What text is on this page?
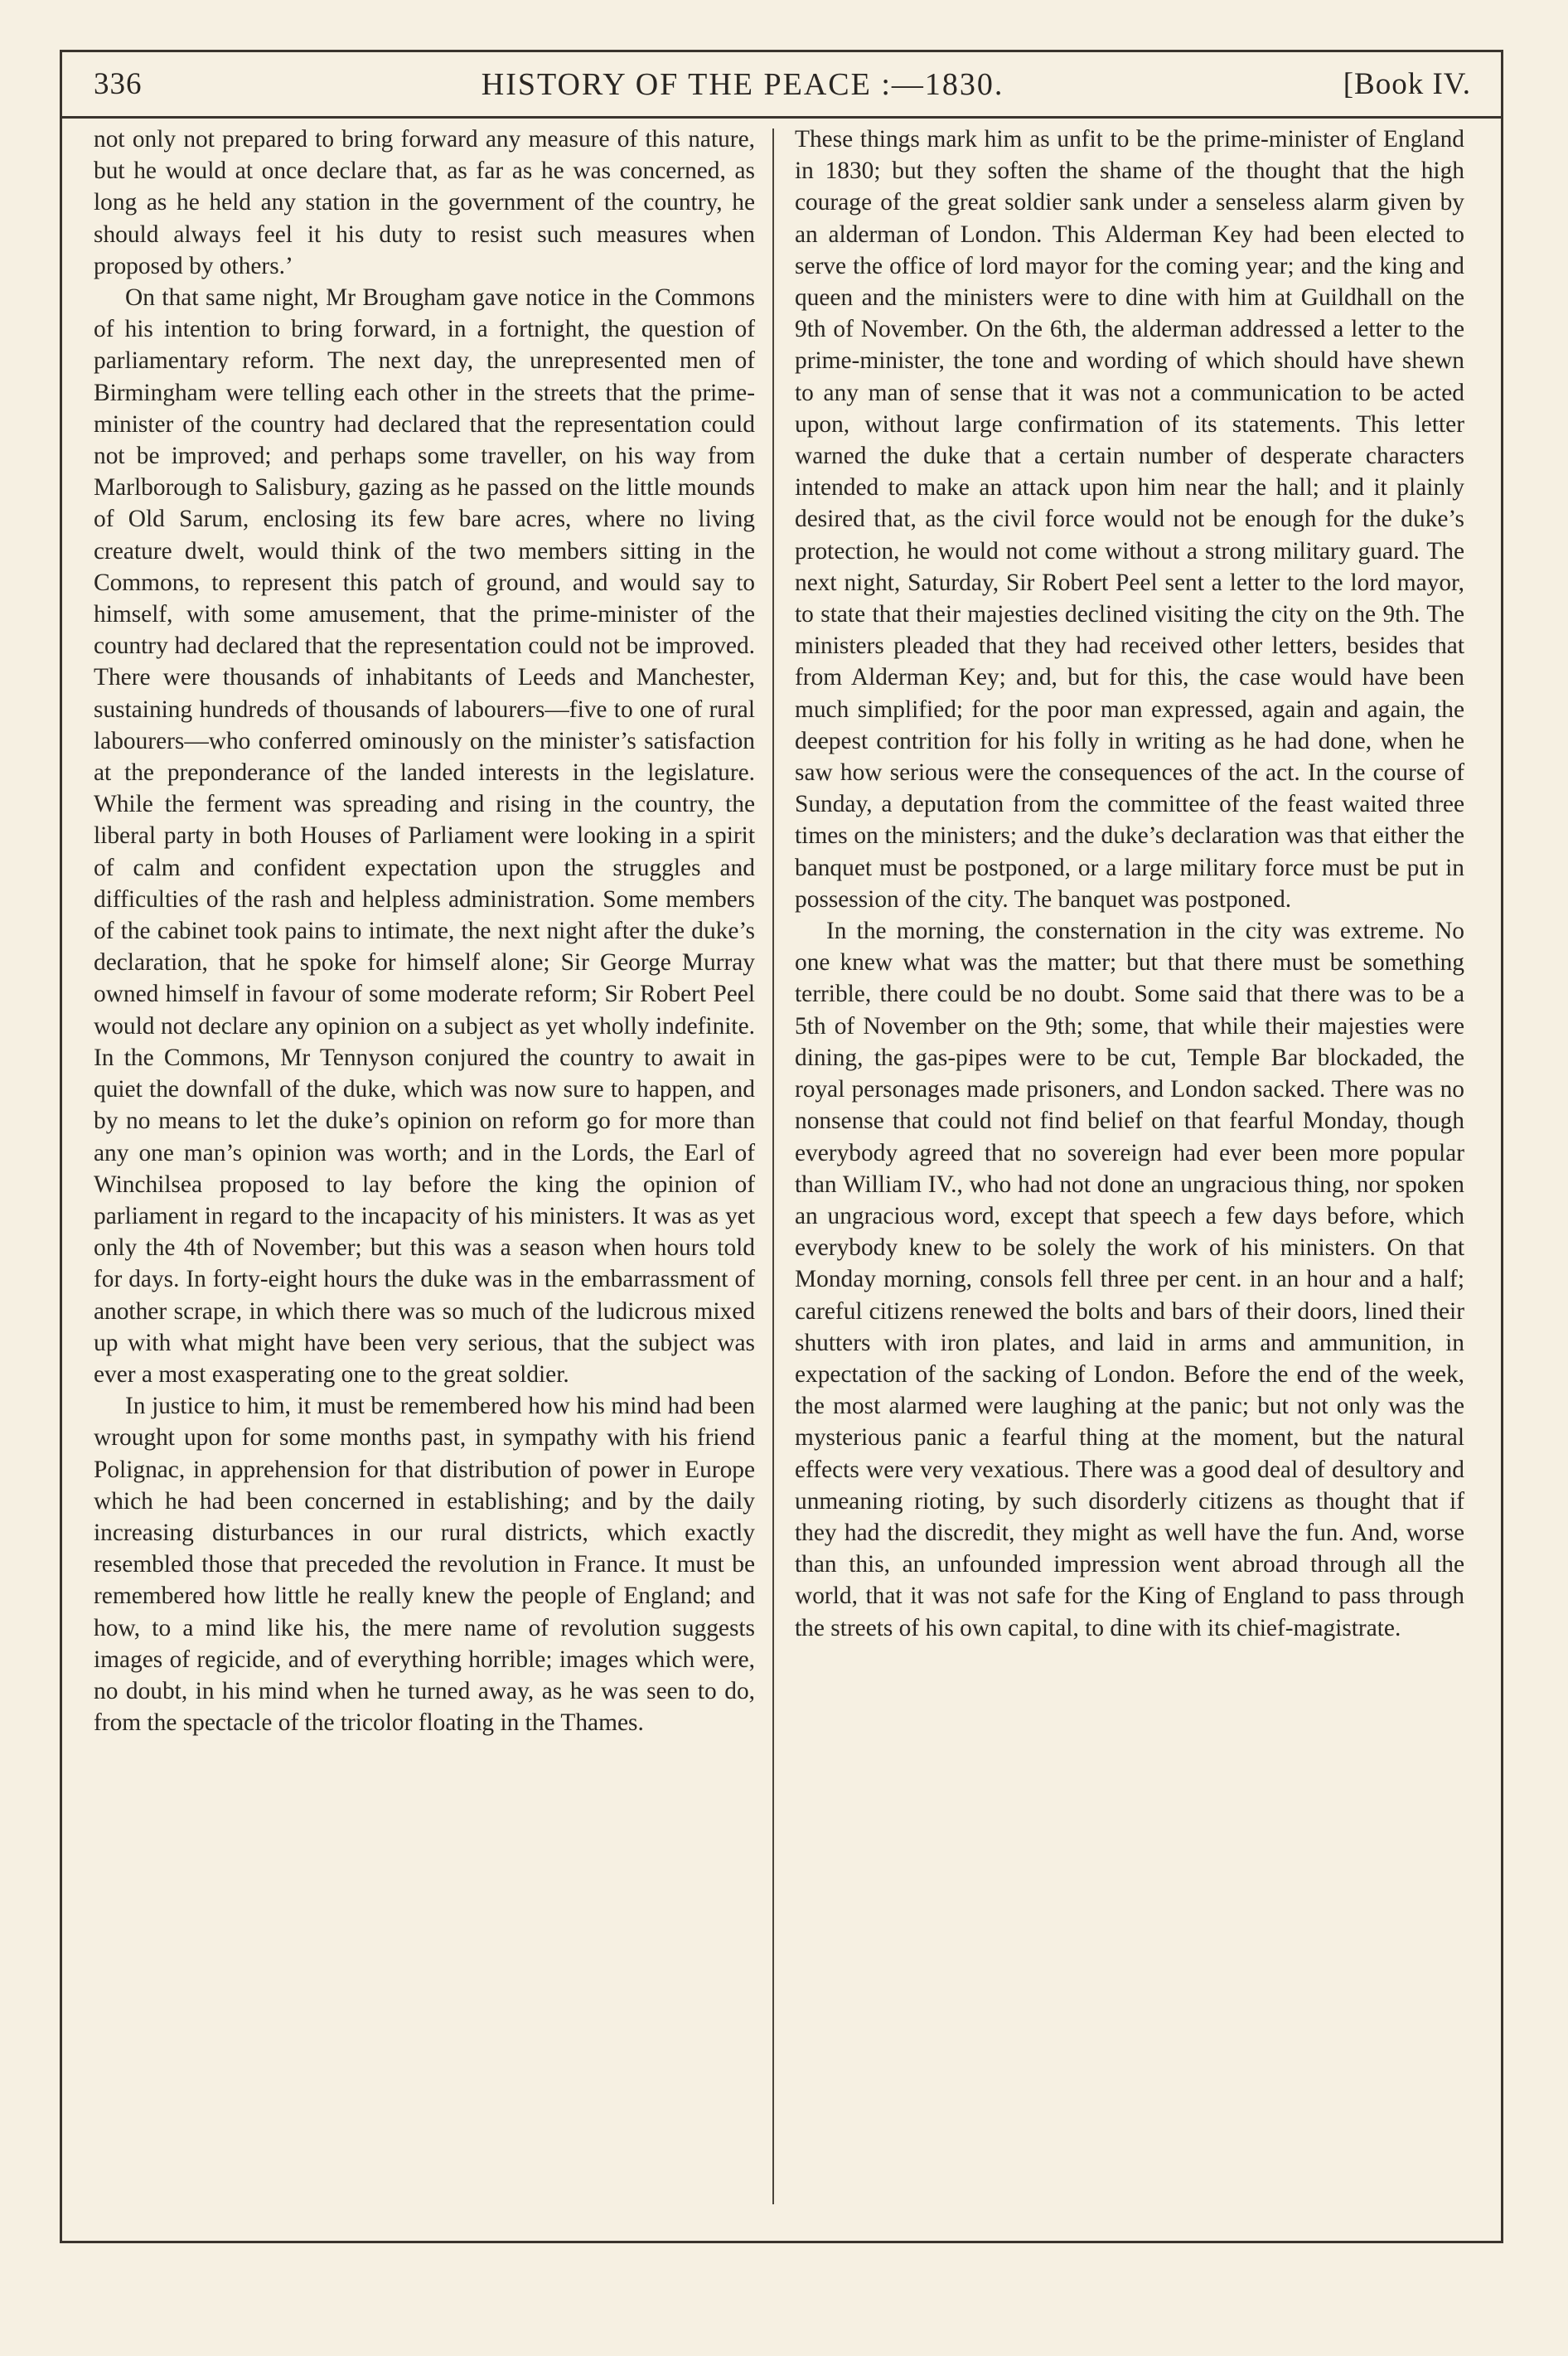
336	HISTORY OF THE PEACE :—1830.	[Book IV.

not only not prepared to bring forward any measure of this nature, but he would at once declare that, as far as he was concerned, as long as he held any station in the government of the country, he should always feel it his duty to resist such measures when proposed by others.’

On that same night, Mr Brougham gave notice in the Commons of his intention to bring forward, in a fortnight, the question of parliamentary reform. The next day, the unrepresented men of Birmingham were telling each other in the streets that the prime-minister of the country had declared that the representation could not be improved; and perhaps some traveller, on his way from Marlborough to Salisbury, gazing as he passed on the little mounds of Old Sarum, enclosing its few bare acres, where no living creature dwelt, would think of the two members sitting in the Commons, to represent this patch of ground, and would say to himself, with some amusement, that the prime-minister of the country had declared that the representation could not be improved. There were thousands of inhabitants of Leeds and Manchester, sustaining hundreds of thousands of labourers—five to one of rural labourers—who conferred ominously on the minister’s satisfaction at the preponderance of the landed interests in the legislature. While the ferment was spreading and rising in the country, the liberal party in both Houses of Parliament were looking in a spirit of calm and confident expectation upon the struggles and difficulties of the rash and helpless administration. Some members of the cabinet took pains to intimate, the next night after the duke’s declaration, that he spoke for himself alone; Sir George Murray owned himself in favour of some moderate reform; Sir Robert Peel would not declare any opinion on a subject as yet wholly indefinite. In the Commons, Mr Tennyson conjured the country to await in quiet the downfall of the duke, which was now sure to happen, and by no means to let the duke’s opinion on reform go for more than any one man’s opinion was worth; and in the Lords, the Earl of Winchilsea proposed to lay before the king the opinion of parliament in regard to the incapacity of his ministers. It was as yet only the 4th of November; but this was a season when hours told for days. In forty-eight hours the duke was in the embarrassment of another scrape, in which there was so much of the ludicrous mixed up with what might have been very serious, that the subject was ever a most exasperating one to the great soldier.

In justice to him, it must be remembered how his mind had been wrought upon for some months past, in sympathy with his friend Polignac, in apprehension for that distribution of power in Europe which he had been concerned in establishing; and by the daily increasing disturbances in our rural districts, which exactly resembled those that preceded the revolution in France. It must be remembered how little he really knew the people of England; and how, to a mind like his, the mere name of revolution suggests images of regicide, and of everything horrible; images which were, no doubt, in his mind when he turned away, as he was seen to do, from the spectacle of the tricolor floating in the Thames.

These things mark him as unfit to be the prime-minister of England in 1830; but they soften the shame of the thought that the high courage of the great soldier sank under a senseless alarm given by an alderman of London. This Alderman Key had been elected to serve the office of lord mayor for the coming year; and the king and queen and the ministers were to dine with him at Guildhall on the 9th of November. On the 6th, the alderman addressed a letter to the prime-minister, the tone and wording of which should have shewn to any man of sense that it was not a communication to be acted upon, without large confirmation of its statements. This letter warned the duke that a certain number of desperate characters intended to make an attack upon him near the hall; and it plainly desired that, as the civil force would not be enough for the duke’s protection, he would not come without a strong military guard. The next night, Saturday, Sir Robert Peel sent a letter to the lord mayor, to state that their majesties declined visiting the city on the 9th. The ministers pleaded that they had received other letters, besides that from Alderman Key; and, but for this, the case would have been much simplified; for the poor man expressed, again and again, the deepest contrition for his folly in writing as he had done, when he saw how serious were the consequences of the act. In the course of Sunday, a deputation from the committee of the feast waited three times on the ministers; and the duke’s declaration was that either the banquet must be postponed, or a large military force must be put in possession of the city. The banquet was postponed.

In the morning, the consternation in the city was extreme. No one knew what was the matter; but that there must be something terrible, there could be no doubt. Some said that there was to be a 5th of November on the 9th; some, that while their majesties were dining, the gas-pipes were to be cut, Temple Bar blockaded, the royal personages made prisoners, and London sacked. There was no nonsense that could not find belief on that fearful Monday, though everybody agreed that no sovereign had ever been more popular than William IV., who had not done an ungracious thing, nor spoken an ungracious word, except that speech a few days before, which everybody knew to be solely the work of his ministers. On that Monday morning, consols fell three per cent. in an hour and a half; careful citizens renewed the bolts and bars of their doors, lined their shutters with iron plates, and laid in arms and ammunition, in expectation of the sacking of London. Before the end of the week, the most alarmed were laughing at the panic; but not only was the mysterious panic a fearful thing at the moment, but the natural effects were very vexatious. There was a good deal of desultory and unmeaning rioting, by such disorderly citizens as thought that if they had the discredit, they might as well have the fun. And, worse than this, an unfounded impression went abroad through all the world, that it was not safe for the King of England to pass through the streets of his own capital, to dine with its chief-magistrate.
